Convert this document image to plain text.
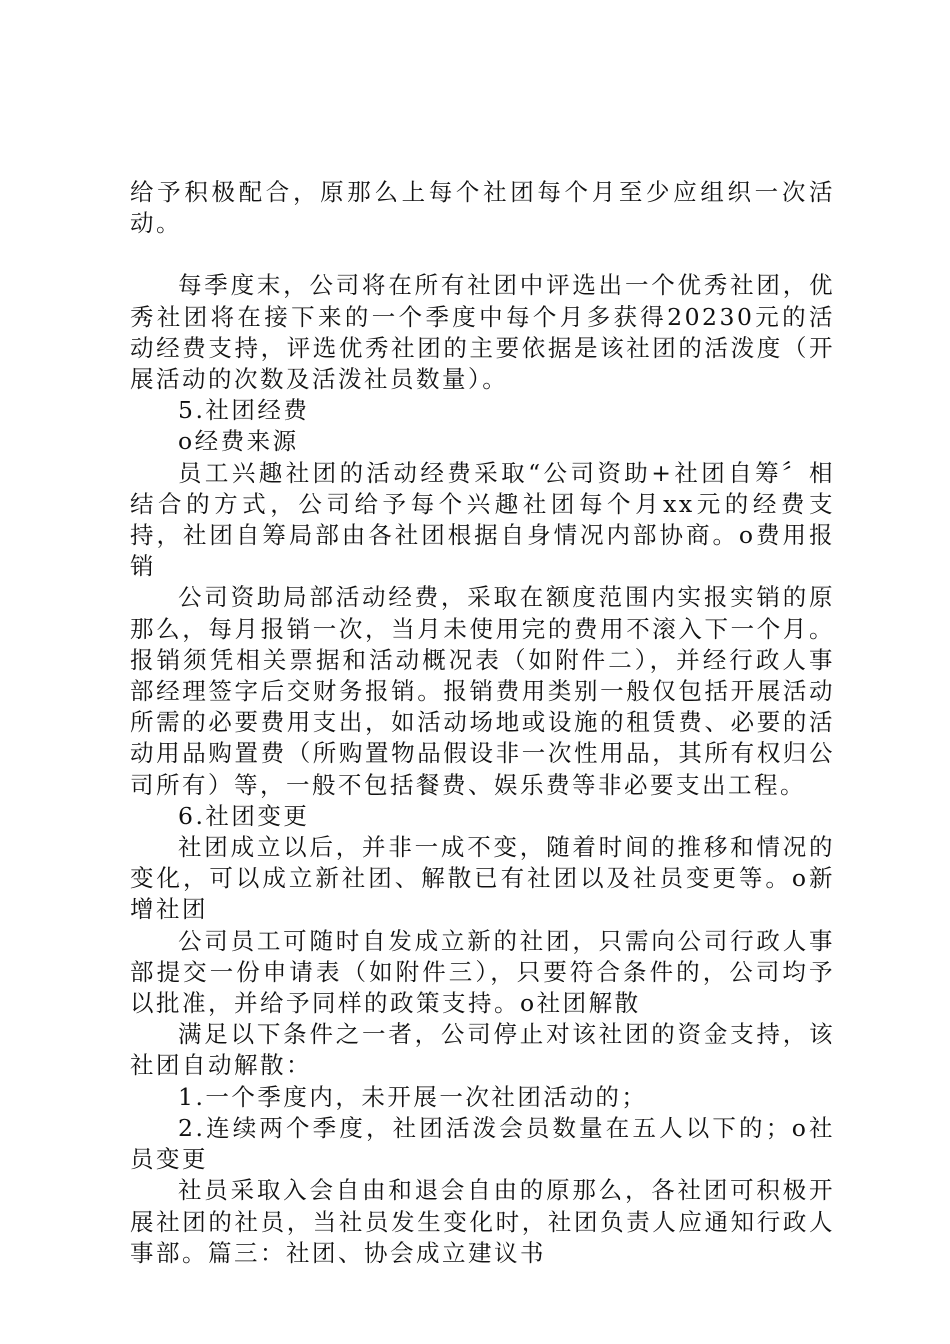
给予积极配合，原那么上每个社团每个月至少应组织一次活动。

每季度末，公司将在所有社团中评选出一个优秀社团，优秀社团将在接下来的一个季度中每个月多获得20230元的活动经费支持，评选优秀社团的主要依据是该社团的活泼度（开展活动的次数及活泼社员数量）。

5.社团经费

o经费来源

员工兴趣社团的活动经费采取“公司资助+社团自筹〞相结合的方式，公司给予每个兴趣社团每个月xx元的经费支持，社团自筹局部由各社团根据自身情况内部协商。o费用报销

公司资助局部活动经费，采取在额度范围内实报实销的原那么，每月报销一次，当月未使用完的费用不滚入下一个月。报销须凭相关票据和活动概况表（如附件二），并经行政人事部经理签字后交财务报销。报销费用类别一般仅包括开展活动所需的必要费用支出，如活动场地或设施的租赁费、必要的活动用品购置费（所购置物品假设非一次性用品，其所有权归公司所有）等，一般不包括餐费、娱乐费等非必要支出工程。

6.社团变更

社团成立以后，并非一成不变，随着时间的推移和情况的变化，可以成立新社团、解散已有社团以及社员变更等。o新增社团

公司员工可随时自发成立新的社团，只需向公司行政人事部提交一份申请表（如附件三），只要符合条件的，公司均予以批准，并给予同样的政策支持。o社团解散

满足以下条件之一者，公司停止对该社团的资金支持，该社团自动解散：

1.一个季度内，未开展一次社团活动的；

2.连续两个季度，社团活泼会员数量在五人以下的；o社员变更

社员采取入会自由和退会自由的原那么，各社团可积极开展社团的社员，当社员发生变化时，社团负责人应通知行政人事部。篇三：社团、协会成立建议书
